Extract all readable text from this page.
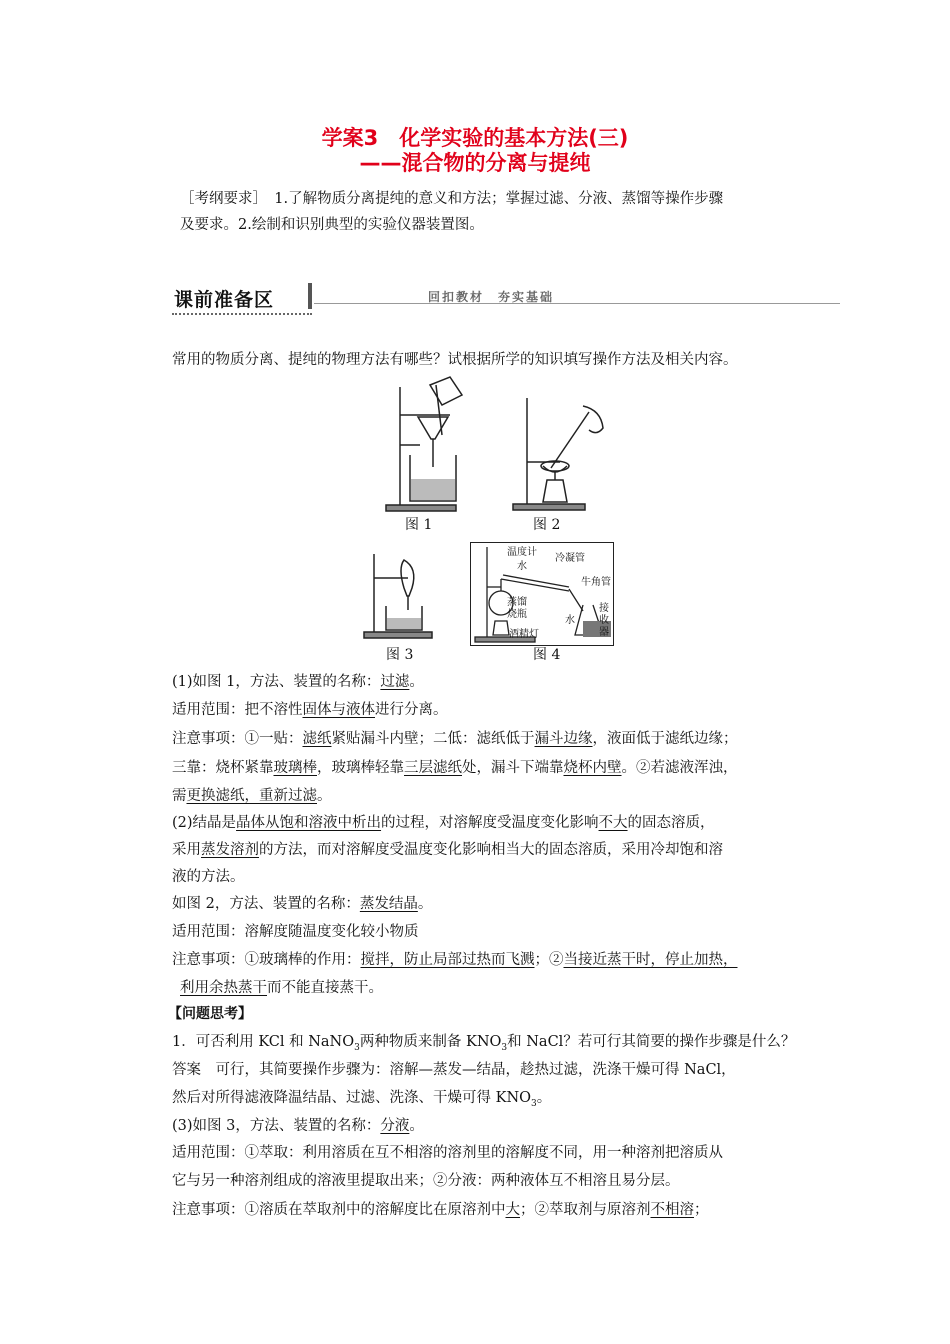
学案3　化学实验的基本方法(三)
——混合物的分离与提纯
［考纲要求］　1.了解物质分离提纯的意义和方法；掌握过滤、分液、蒸馏等操作步骤
及要求。2.绘制和识别典型的实验仪器装置图。
课前准备区	回扣教材　夯实基础
常用的物质分离、提纯的物理方法有哪些？试根据所学的知识填写操作方法及相关内容。
图 1	图 2
图 3
温度计
水
冷凝管
牛角管
蒸馏
烧瓶
水
酒精灯
接
收
器
图 4
(1)如图 1，方法、装置的名称：过滤。
适用范围：把不溶性固体与液体进行分离。
注意事项：①一贴：滤纸紧贴漏斗内壁；二低：滤纸低于漏斗边缘，液面低于滤纸边缘；
三靠：烧杯紧靠玻璃棒，玻璃棒轻靠三层滤纸处，漏斗下端靠烧杯内壁。②若滤液浑浊，
需更换滤纸，重新过滤。
(2)结晶是晶体从饱和溶液中析出的过程，对溶解度受温度变化影响不大的固态溶质，
采用蒸发溶剂的方法，而对溶解度受温度变化影响相当大的固态溶质，采用冷却饱和溶
液的方法。
如图 2，方法、装置的名称：蒸发结晶。
适用范围：溶解度随温度变化较小物质
注意事项：①玻璃棒的作用：搅拌，防止局部过热而飞溅；②当接近蒸干时，停止加热，
利用余热蒸干而不能直接蒸干。
【问题思考】
1．可否利用 KCl 和 NaNO$_3$两种物质来制备 $KNO_3$和 NaCl？若可行其简要的操作步骤是什么？
答案　可行，其简要操作步骤为：溶解—蒸发—结晶，趁热过滤，洗涤干燥可得 NaCl，
然后对所得滤液降温结晶、过滤、洗涤、干燥可得 $KNO_3$。
(3)如图 3，方法、装置的名称：分液。
适用范围：①萃取：利用溶质在互不相溶的溶剂里的溶解度不同，用一种溶剂把溶质从
它与另一种溶剂组成的溶液里提取出来；②分液：两种液体互不相溶且易分层。
注意事项：①溶质在萃取剂中的溶解度比在原溶剂中大；②萃取剂与原溶剂不相溶；
